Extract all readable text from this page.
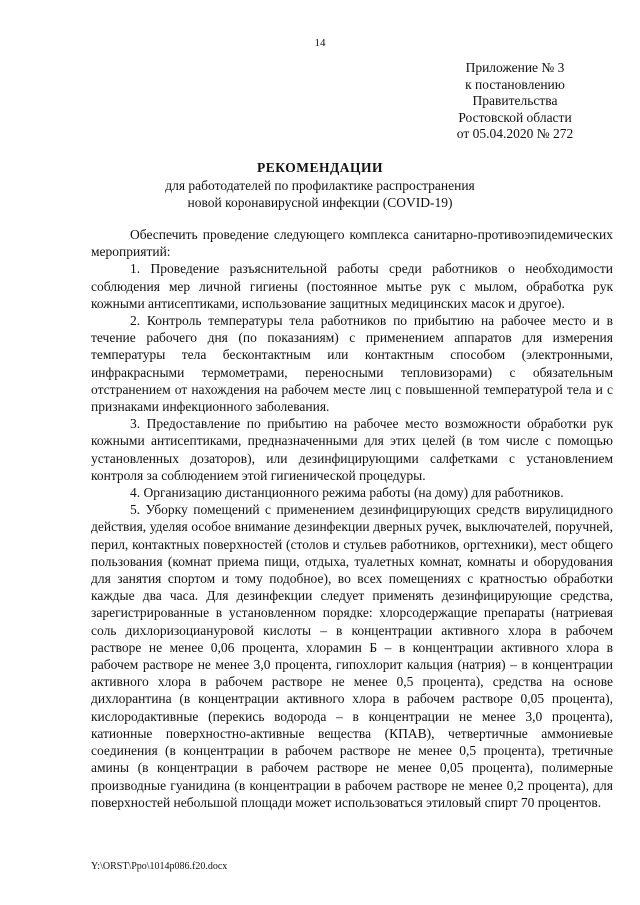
14
Приложение № 3
к постановлению
Правительства
Ростовской области
от 05.04.2020 № 272
РЕКОМЕНДАЦИИ
для работодателей по профилактике распространения
новой коронавирусной инфекции (COVID-19)

Обеспечить проведение следующего комплекса санитарно-противоэпидемических мероприятий:

1. Проведение разъяснительной работы среди работников о необходимости соблюдения мер личной гигиены (постоянное мытье рук с мылом, обработка рук кожными антисептиками, использование защитных медицинских масок и другое).

2. Контроль температуры тела работников по прибытию на рабочее место и в течение рабочего дня (по показаниям) с применением аппаратов для измерения температуры тела бесконтактным или контактным способом (электронными, инфракрасными термометрами, переносными тепловизорами) с обязательным отстранением от нахождения на рабочем месте лиц с повышенной температурой тела и с признаками инфекционного заболевания.

3. Предоставление по прибытию на рабочее место возможности обработки рук кожными антисептиками, предназначенными для этих целей (в том числе с помощью установленных дозаторов), или дезинфицирующими салфетками с установлением контроля за соблюдением этой гигиенической процедуры.

4. Организацию дистанционного режима работы (на дому) для работников.

5. Уборку помещений с применением дезинфицирующих средств вирулицидного действия, уделяя особое внимание дезинфекции дверных ручек, выключателей, поручней, перил, контактных поверхностей (столов и стульев работников, оргтехники), мест общего пользования (комнат приема пищи, отдыха, туалетных комнат, комнаты и оборудования для занятия спортом и тому подобное), во всех помещениях с кратностью обработки каждые два часа. Для дезинфекции следует применять дезинфицирующие средства, зарегистрированные в установленном порядке: хлорсодержащие препараты (натриевая соль дихлоризоциануровой кислоты – в концентрации активного хлора в рабочем растворе не менее 0,06 процента, хлорамин Б – в концентрации активного хлора в рабочем растворе не менее 3,0 процента, гипохлорит кальция (натрия) – в концентрации активного хлора в рабочем растворе не менее 0,5 процента), средства на основе дихлорантина (в концентрации активного хлора в рабочем растворе 0,05 процента), кислородактивные (перекись водорода – в концентрации не менее 3,0 процента), катионные поверхностно-активные вещества (КПАВ), четвертичные аммониевые соединения (в концентрации в рабочем растворе не менее 0,5 процента), третичные амины (в концентрации в рабочем растворе не менее 0,05 процента), полимерные производные гуанидина (в концентрации в рабочем растворе не менее 0,2 процента), для поверхностей небольшой площади может использоваться этиловый спирт 70 процентов.

Y:\ORST\Ppo\1014p086.f20.docx
